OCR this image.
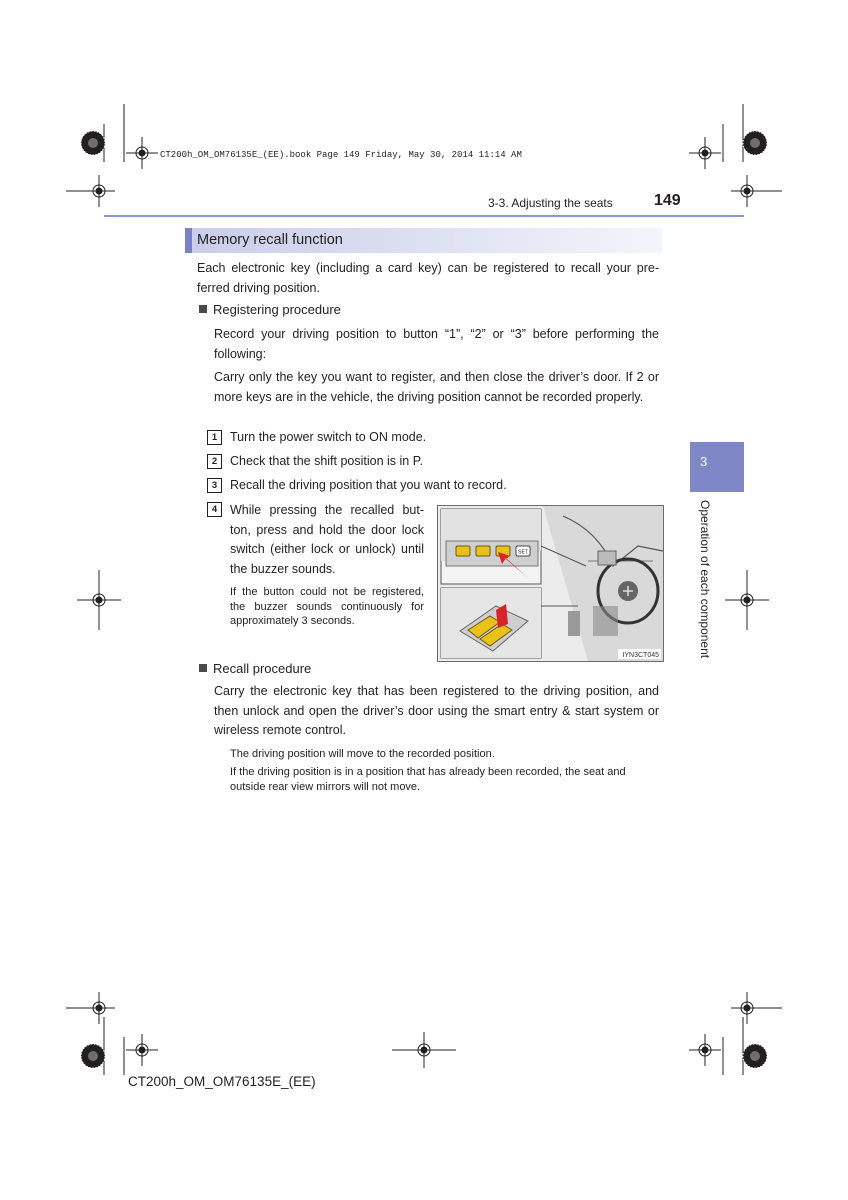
CT200h_OM_OM76135E_(EE).book Page 149 Friday, May 30, 2014 11:14 AM
3-3. Adjusting the seats	149
3
Operation of each component
Memory recall function
Each electronic key (including a card key) can be registered to recall your pre-ferred driving position.
Registering procedure
Record your driving position to button “1”, “2” or “3” before performing the following:
Carry only the key you want to register, and then close the driver’s door. If 2 or more keys are in the vehicle, the driving position cannot be recorded properly.
1 Turn the power switch to ON mode.
2 Check that the shift position is in P.
3 Recall the driving position that you want to record.
4	While pressing the recalled but-ton, press and hold the door lock switch (either lock or unlock) until the buzzer sounds.
If the button could not be registered, the buzzer sounds continuously for approximately 3 seconds.
SET
IYN3CT045
Recall procedure
Carry the electronic key that has been registered to the driving position, and then unlock and open the driver’s door using the smart entry & start system or wireless remote control.
The driving position will move to the recorded position.
If the driving position is in a position that has already been recorded, the seat and outside rear view mirrors will not move.
CT200h_OM_OM76135E_(EE)
